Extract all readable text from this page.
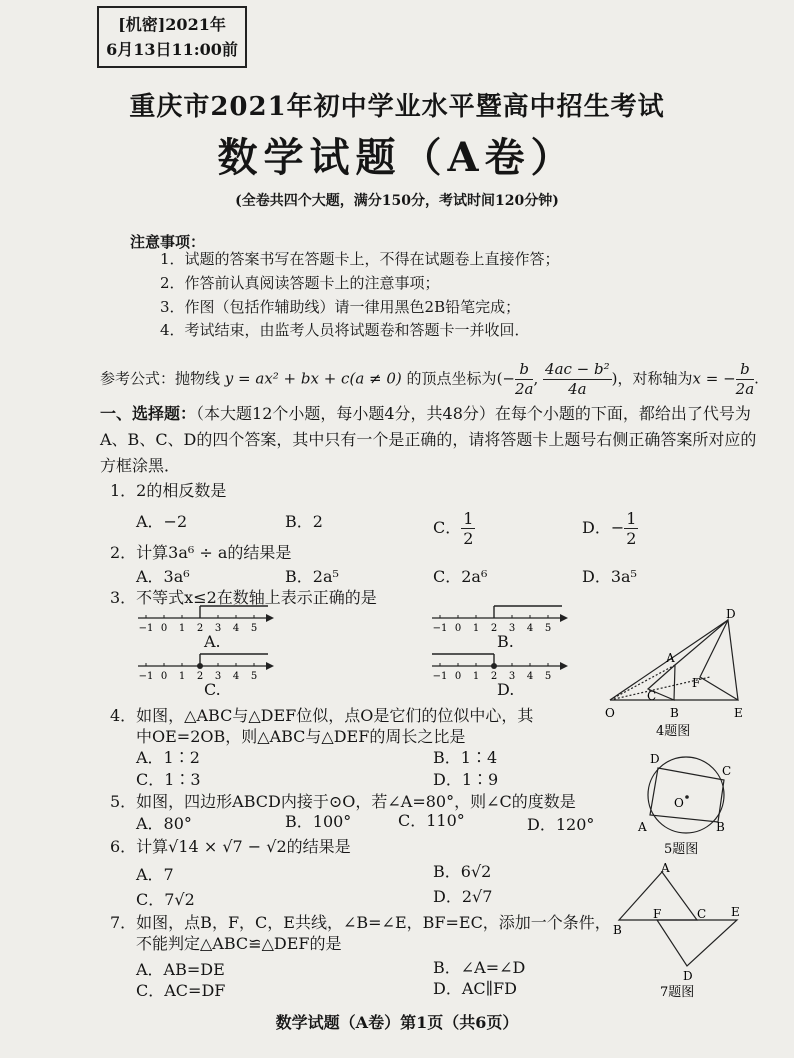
[机密]2021年
6月13日11:00前
重庆市2021年初中学业水平暨高中招生考试
数学试题（A卷）
(全卷共四个大题，满分150分，考试时间120分钟)
注意事项：
1．试题的答案书写在答题卡上，不得在试题卷上直接作答；
2．作答前认真阅读答题卡上的注意事项；
3．作图（包括作辅助线）请一律用黑色2B铅笔完成；
4．考试结束，由监考人员将试题卷和答题卡一并收回．
参考公式：抛物线 y = ax² + bx + c(a ≠ 0) 的顶点坐标为(− $\frac{b}{2a}$ , $\frac{\text{4ac − b²}}{4a}$ )，对称轴为x = − $\frac{b}{2a}$ .
一、选择题：（本大题12个小题，每小题4分，共48分）在每个小题的下面，都给出了代号为A、B、C、D的四个答案，其中只有一个是正确的，请将答题卡上题号右侧正确答案所对应的方框涂黑．
1．2的相反数是
A．−2	B．2	C． $\frac{1}{2}$	D．− $\frac{1}{2}$
2．计算3a⁶ ÷ a的结果是
A．3a⁶	B．2a⁵	C．2a⁶	D．3a⁵
3．不等式x≤2在数轴上表示正确的是
−1 0 1 2 3 4 5
A.
−1 0 1 2 3 4 5
B.
−1 0 1 2 3 4 5
C.
−1 0 1 2 3 4 5
D.
4．如图，△ABC与△DEF位似，点O是它们的位似中心，其
中OE=2OB，则△ABC与△DEF的周长之比是
A．1∶2	B．1∶4
C．1∶3	D．1∶9
5．如图，四边形ABCD内接于⊙O，若∠A=80°，则∠C的度数是
A．80°	B．100°	C．110°	D．120°
6．计算√14 × √7 − √2的结果是
A．7	B．6√2
C．7√2	D．2√7
7．如图，点B，F，C，E共线，∠B=∠E，BF=EC，添加一个条件，
不能判定△ABC≌△DEF的是
A．AB=DE	B．∠A=∠D
C．AC=DF	D．AC∥FD
D
A
F
C
O	B	E
4题图
D
C
O
A	B
5题图
A
F	C E
B
D
7题图
数学试题（A卷）第1页（共6页）
